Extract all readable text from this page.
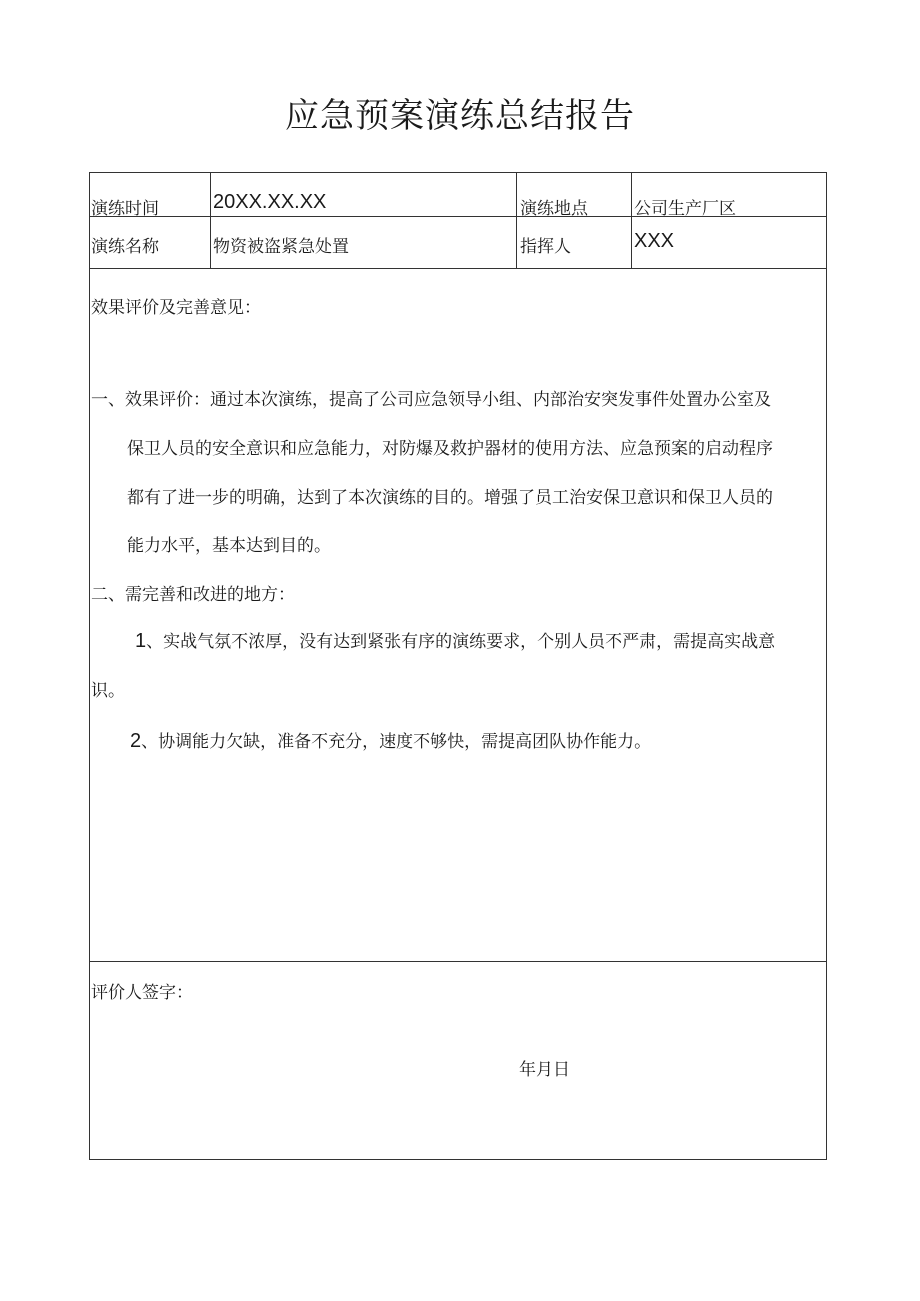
应急预案演练总结报告
演练时间	20XX.XX.XX	演练地点	公司生产厂区
演练名称	物资被盗紧急处置	指挥人	XXX
效果评价及完善意见：
一、效果评价：通过本次演练，提高了公司应急领导小组、内部治安突发事件处置办公室及
保卫人员的安全意识和应急能力，对防爆及救护器材的使用方法、应急预案的启动程序
都有了进一步的明确，达到了本次演练的目的。增强了员工治安保卫意识和保卫人员的
能力水平，基本达到目的。
二、需完善和改进的地方：
1、实战气氛不浓厚，没有达到紧张有序的演练要求，个别人员不严肃，需提高实战意
识。
2、协调能力欠缺，准备不充分，速度不够快，需提高团队协作能力。
评价人签字：
年月日
